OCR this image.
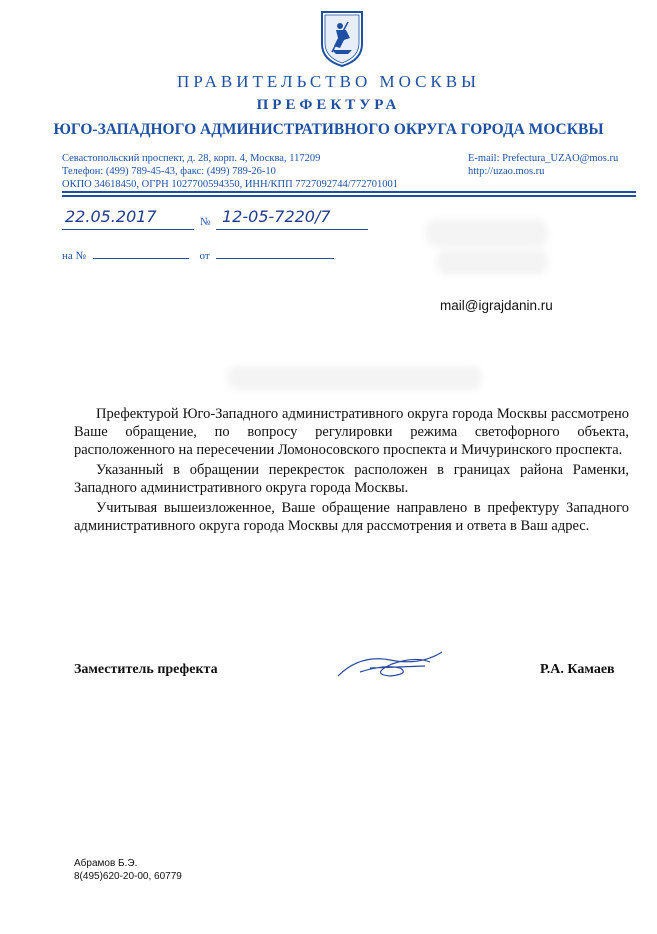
ПРАВИТЕЛЬСТВО МОСКВЫ
ПРЕФЕКТУРА
ЮГО-ЗАПАДНОГО АДМИНИСТРАТИВНОГО ОКРУГА ГОРОДА МОСКВЫ
Севастопольский проспект, д. 28, корп. 4, Москва, 117209
Телефон: (499) 789-45-43, факс: (499) 789-26-10
ОКПО 34618450, ОГРН 1027700594350, ИНН/КПП 7727092744/772701001
E-mail: Prefectura_UZAO@mos.ru
http://uzao.mos.ru
22.05.2017	№ 12-05-7220/7
на №	от
mail@igrajdanin.ru

Префектурой Юго-Западного административного округа города Москвы рассмотрено Ваше обращение, по вопросу регулировки режима светофорного объекта, расположенного на пересечении Ломоносовского проспекта и Мичуринского проспекта.

Указанный в обращении перекресток расположен в границах района Раменки, Западного административного округа города Москвы.

Учитывая вышеизложенное, Ваше обращение направлено в префектуру Западного административного округа города Москвы для рассмотрения и ответа в Ваш адрес.

Заместитель префекта	Р.А. Камаев
Абрамов Б.Э.
8(495)620-20-00, 60779
